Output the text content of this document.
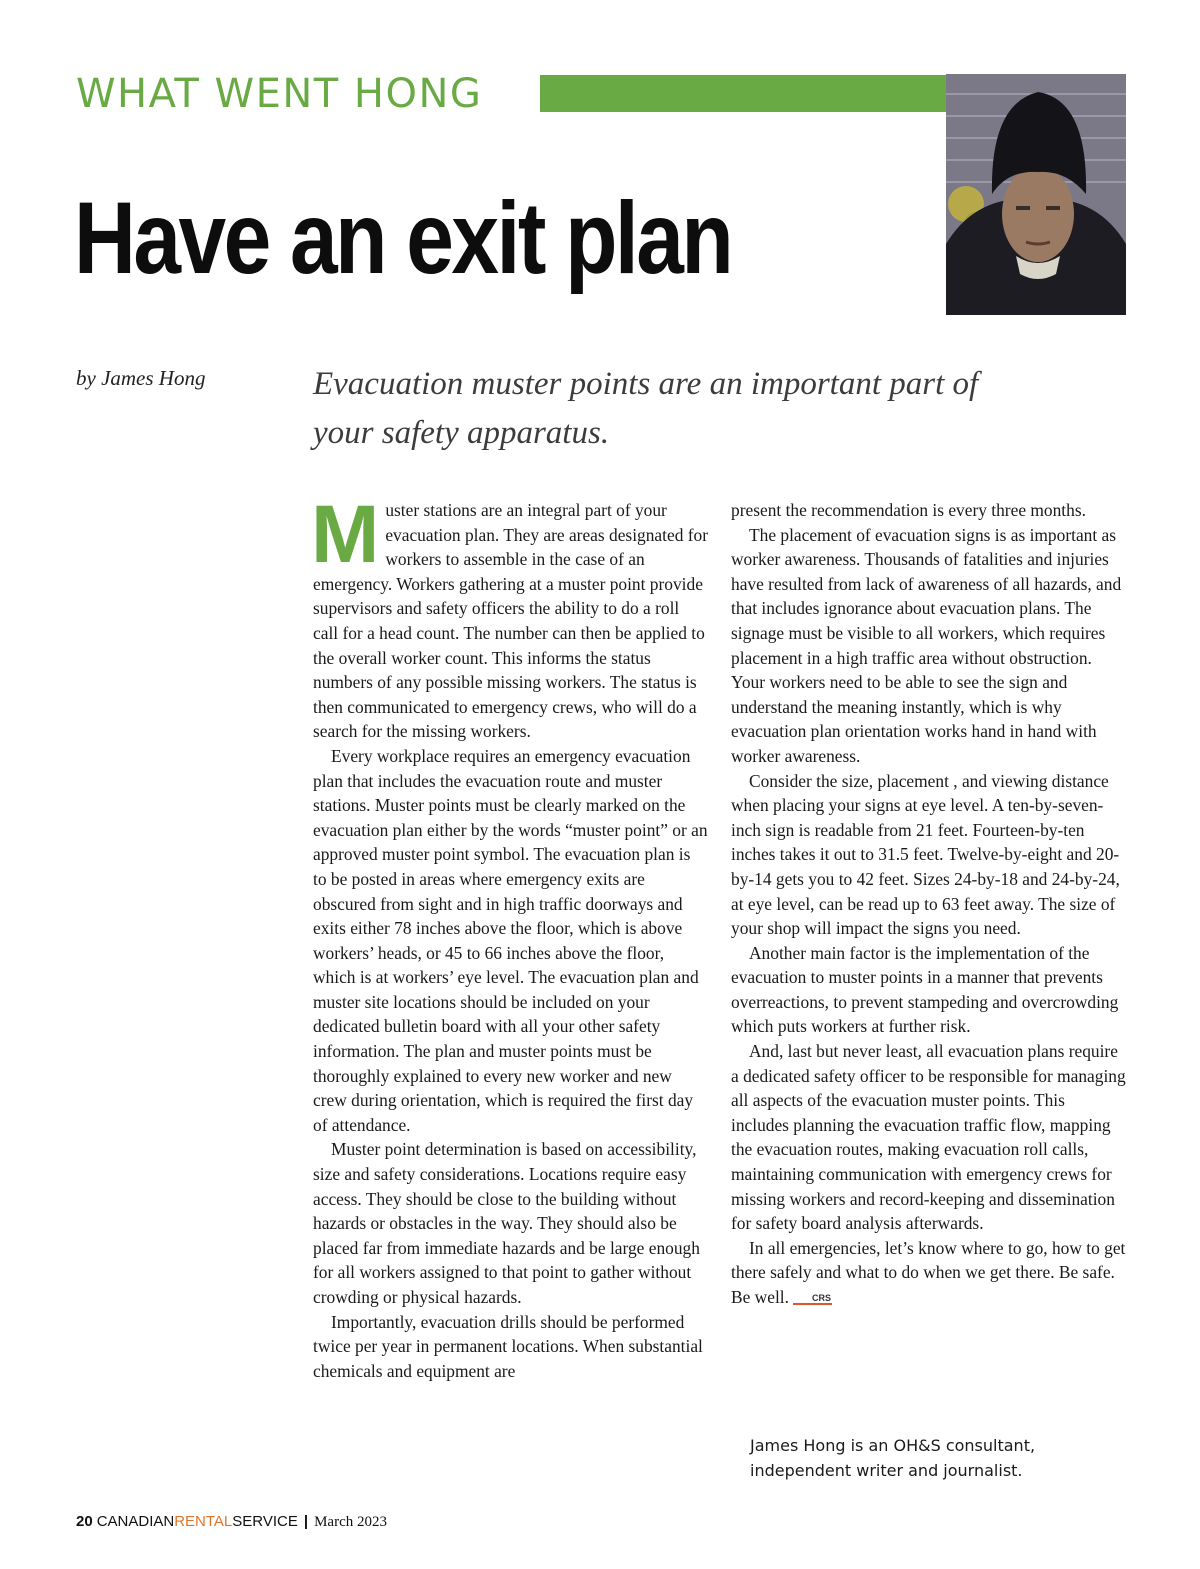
WHAT WENT HONG
Have an exit plan
by James Hong	Evacuation muster points are an important part of your safety apparatus.

Muster stations are an integral part of your evacuation plan. They are areas designated for workers to assemble in the case of an emergency. Workers gathering at a muster point provide supervisors and safety officers the ability to do a roll call for a head count. The number can then be applied to the overall worker count. This informs the status numbers of any possible missing workers. The status is then communicated to emergency crews, who will do a search for the missing workers.

Every workplace requires an emergency evacuation plan that includes the evacuation route and muster stations. Muster points must be clearly marked on the evacuation plan either by the words “muster point” or an approved muster point symbol. The evacuation plan is to be posted in areas where emergency exits are obscured from sight and in high traffic doorways and exits either 78 inches above the floor, which is above workers’ heads, or 45 to 66 inches above the floor, which is at workers’ eye level. The evacuation plan and muster site locations should be included on your dedicated bulletin board with all your other safety information. The plan and muster points must be thoroughly explained to every new worker and new crew during orientation, which is required the first day of attendance.

Muster point determination is based on accessibility, size and safety considerations. Locations require easy access. They should be close to the building without hazards or obstacles in the way. They should also be placed far from immediate hazards and be large enough for all workers assigned to that point to gather without crowding or physical hazards.

Importantly, evacuation drills should be performed twice per year in permanent locations. When substantial chemicals and equipment are

present the recommendation is every three months.

The placement of evacuation signs is as important as worker awareness. Thousands of fatalities and injuries have resulted from lack of awareness of all hazards, and that includes ignorance about evacuation plans. The signage must be visible to all workers, which requires placement in a high traffic area without obstruction. Your workers need to be able to see the sign and understand the meaning instantly, which is why evacuation plan orientation works hand in hand with worker awareness.

Consider the size, placement , and viewing distance when placing your signs at eye level. A ten-by-seven-inch sign is readable from 21 feet. Fourteen-by-ten inches takes it out to 31.5 feet. Twelve-by-eight and 20-by-14 gets you to 42 feet. Sizes 24-by-18 and 24-by-24, at eye level, can be read up to 63 feet away. The size of your shop will impact the signs you need.

Another main factor is the implementation of the evacuation to muster points in a manner that prevents overreactions, to prevent stampeding and overcrowding which puts workers at further risk.

And, last but never least, all evacuation plans require a dedicated safety officer to be responsible for managing all aspects of the evacuation muster points. This includes planning the evacuation traffic flow, mapping the evacuation routes, making evacuation roll calls, maintaining communication with emergency crews for missing workers and record-keeping and dissemination for safety board analysis afterwards.

In all emergencies, let’s know where to go, how to get there safely and what to do when we get there. Be safe. Be well.	CRS

James Hong is an OH&S consultant, independent writer and journalist.
20 CANADIANRENTALSERVICE | March 2023
